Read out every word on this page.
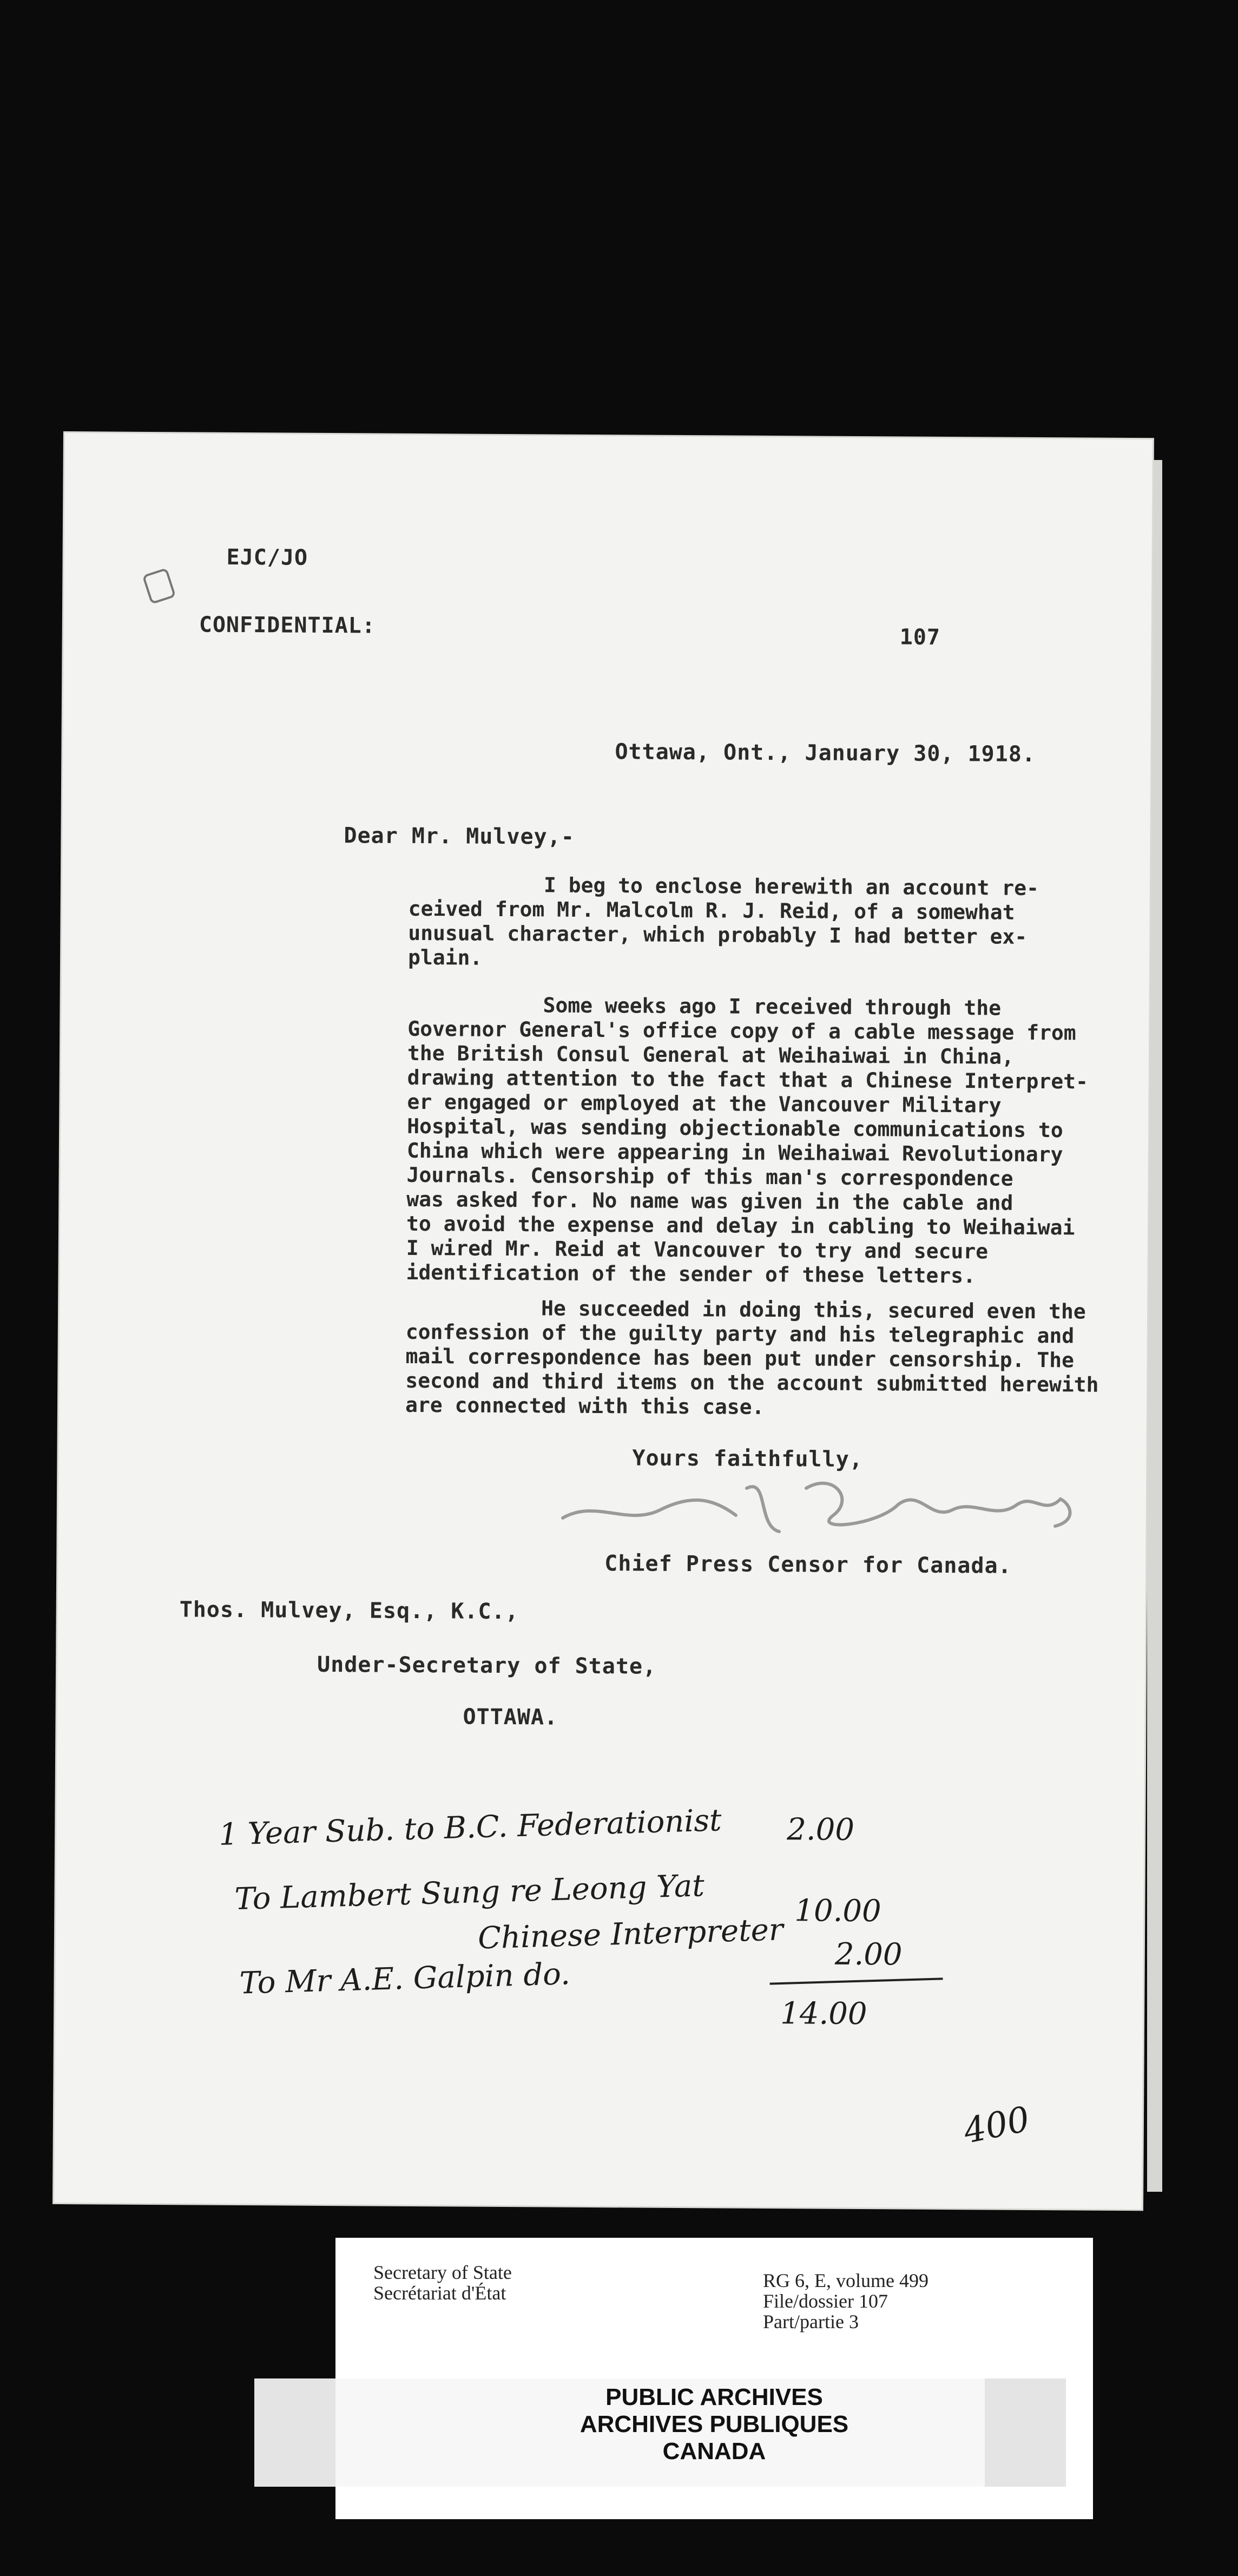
EJC/JO
CONFIDENTIAL:	107
Ottawa, Ont., January 30, 1918.
Dear Mr. Mulvey,-
I beg to enclose herewith an account re-
ceived from Mr. Malcolm R. J. Reid, of a somewhat
unusual character, which probably I had better ex-
plain.
Some weeks ago I received through the
Governor General's office copy of a cable message from
the British Consul General at Weihaiwai in China,
drawing attention to the fact that a Chinese Interpret-
er engaged or employed at the Vancouver Military
Hospital, was sending objectionable communications to
China which were appearing in Weihaiwai Revolutionary
Journals. Censorship of this man's correspondence
was asked for. No name was given in the cable and
to avoid the expense and delay in cabling to Weihaiwai
I wired Mr. Reid at Vancouver to try and secure
identification of the sender of these letters.
He succeeded in doing this, secured even the
confession of the guilty party and his telegraphic and
mail correspondence has been put under censorship. The
second and third items on the account submitted herewith
are connected with this case.
Yours faithfully,
Chief Press Censor for Canada.
Thos. Mulvey, Esq., K.C.,
Under-Secretary of State,
OTTAWA.
1 Year Sub. to B.C. Federationist 2.00
To Lambert Sung re Leong Yat	10.00
Chinese Interpreter
To Mr A.E. Galpin do.
2.00
14.00
400
Secretary of State
Secrétariat d'État
RG 6, E, volume 499
File/dossier 107
Part/partie 3
PUBLIC ARCHIVES
ARCHIVES PUBLIQUES
CANADA
